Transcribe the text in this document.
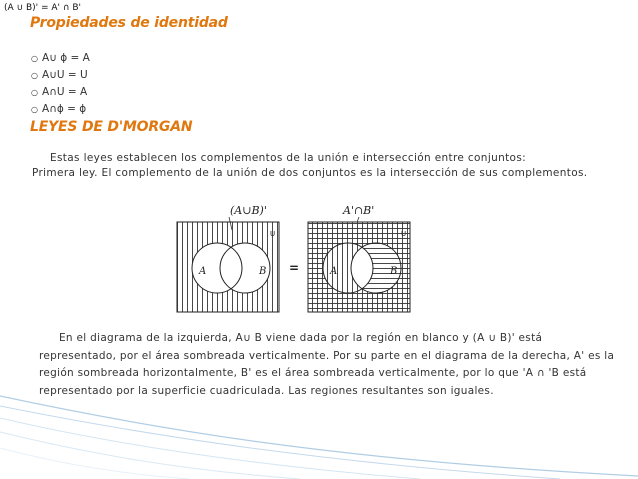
(A ∪ B)' = A' ∩ B'
Propiedades de identidad
○ A∪ ϕ = A
○ A∪U = U
○ A∩U = A
○ A∩ϕ = ϕ
LEYES DE D'MORGAN
Estas leyes establecen los complementos de la unión e intersección entre conjuntos:
Primera ley. El complemento de la unión de dos conjuntos es la intersección de sus complementos.
(A∪B)'
A	B
U
=
A'∩B'
A	B
U
En el diagrama de la izquierda, A∪ B viene dada por la región en blanco y (A ∪ B)' está
representado, por el área sombreada verticalmente. Por su parte en el diagrama de la derecha, A' es la
región sombreada horizontalmente, B' es el área sombreada verticalmente, por lo que 'A ∩ 'B está
representado por la superficie cuadriculada. Las regiones resultantes son iguales.
